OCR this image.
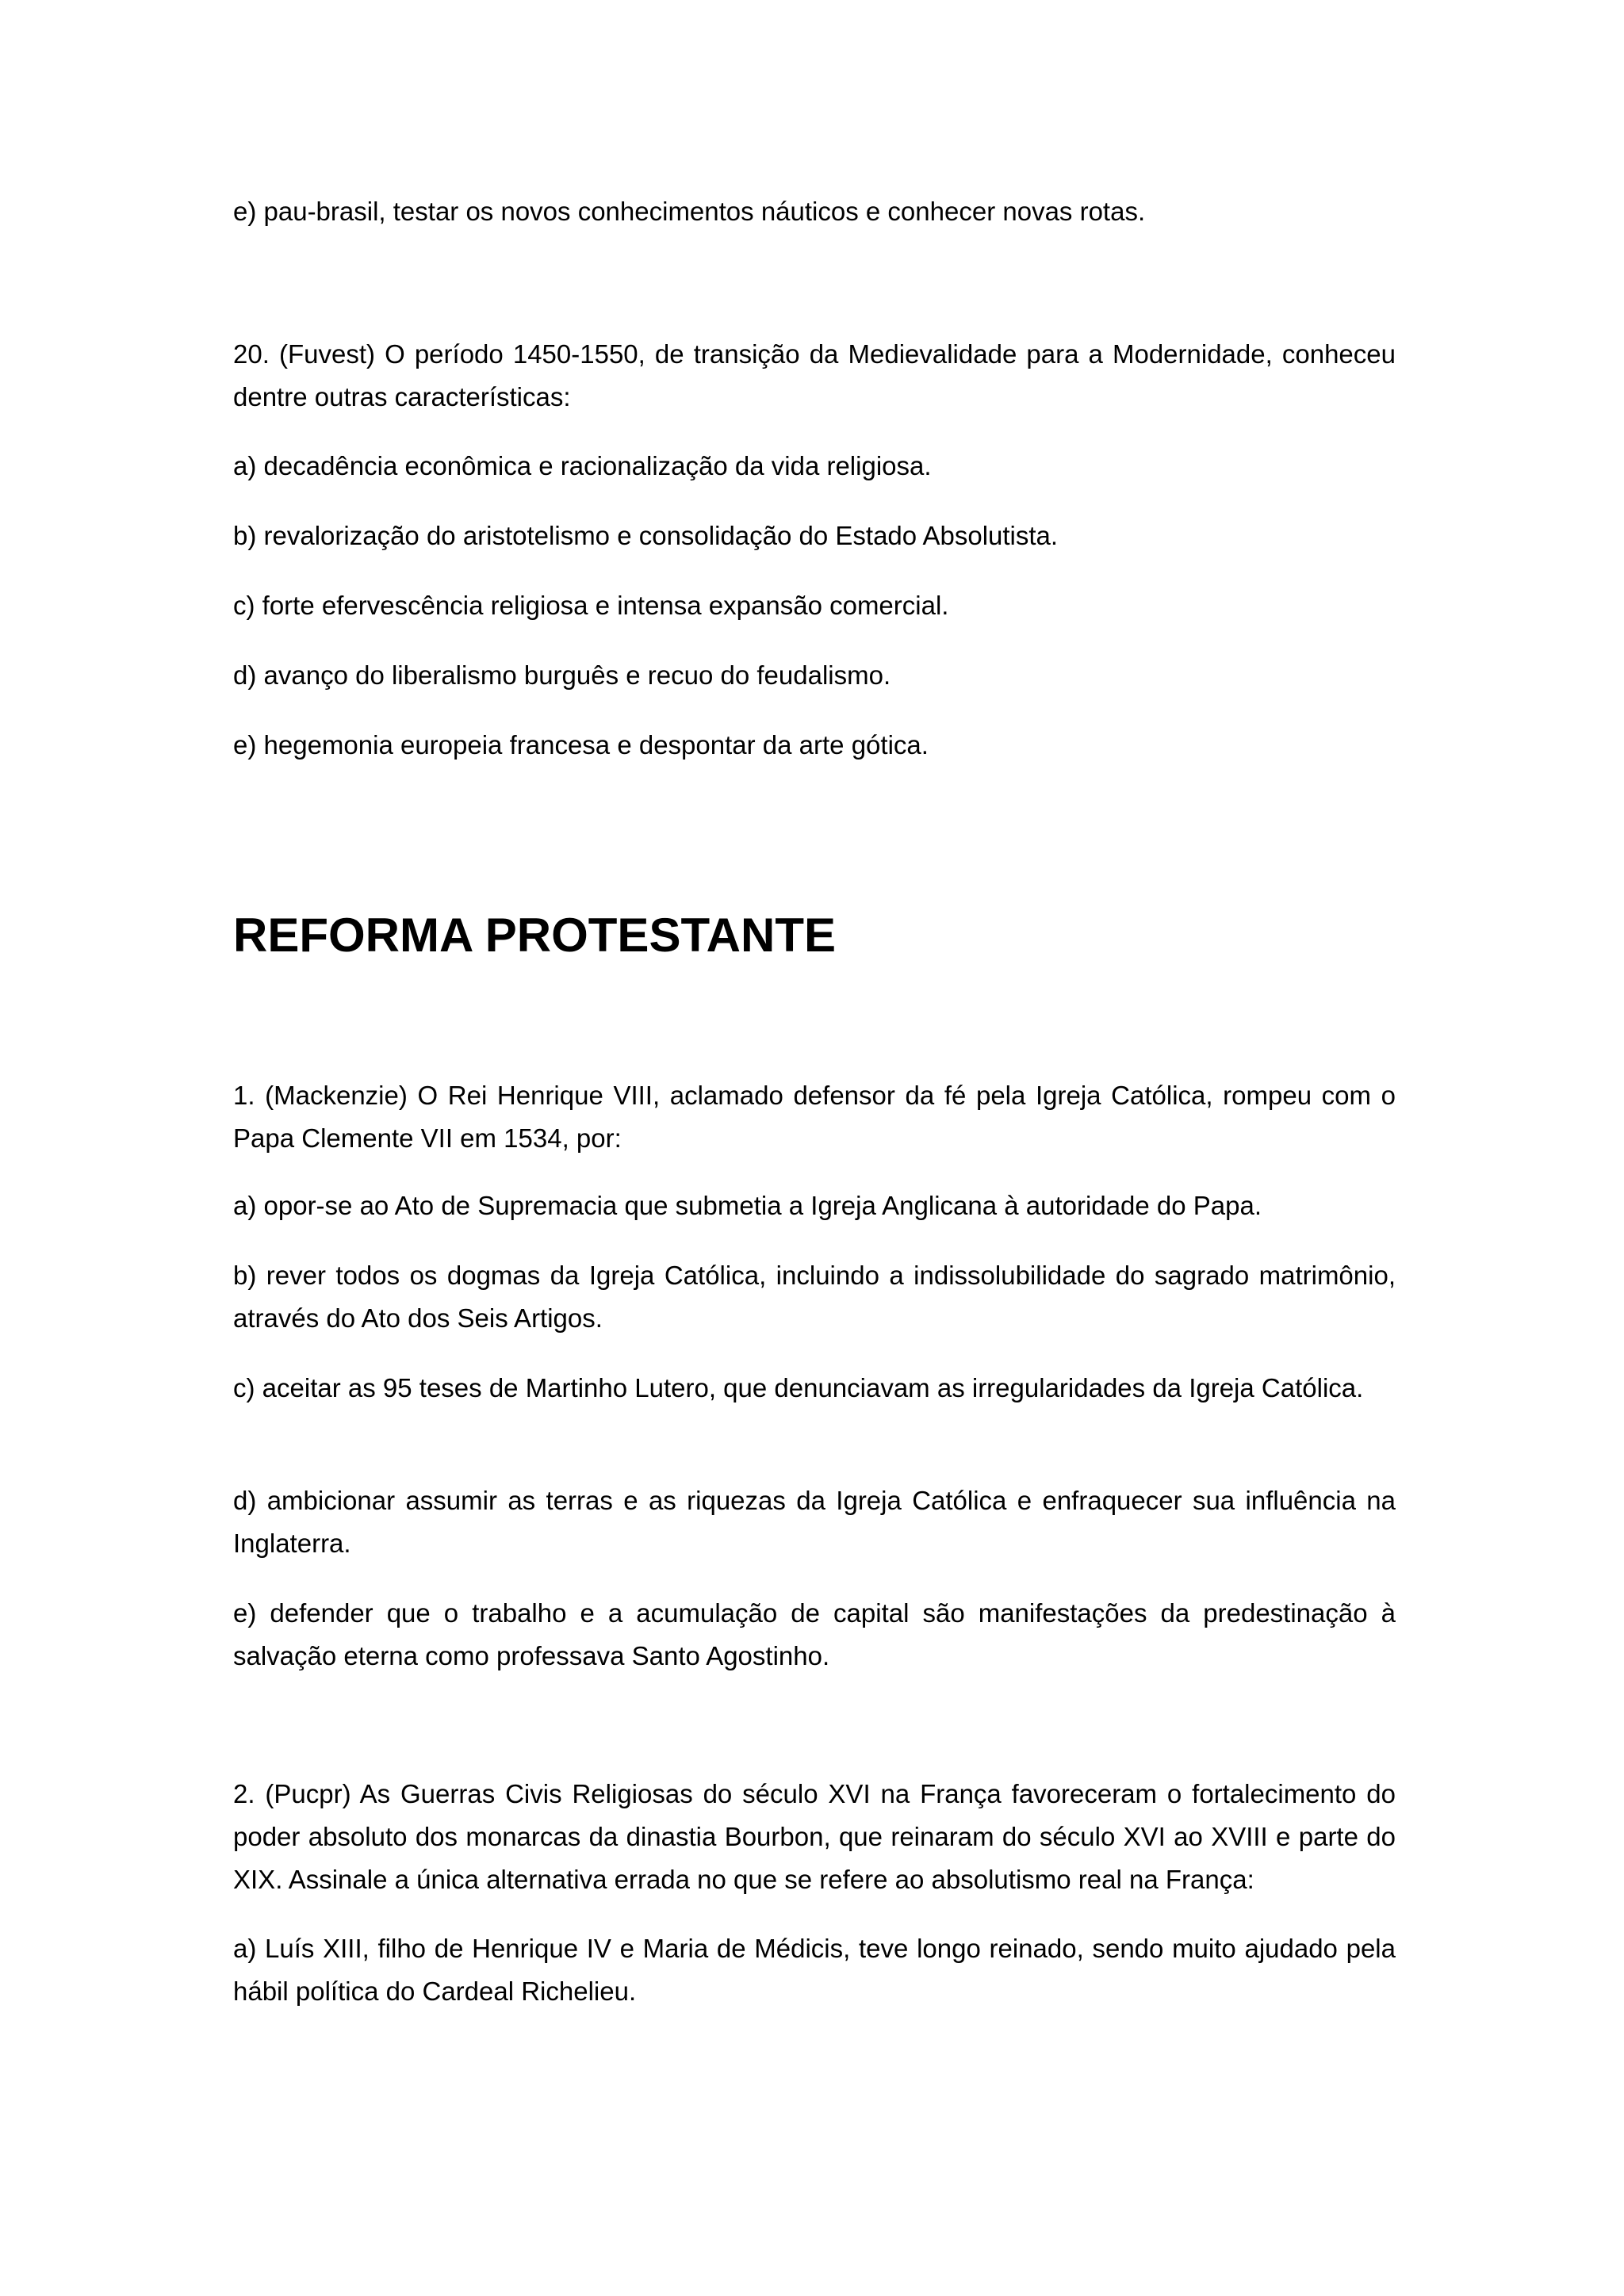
e) pau-brasil, testar os novos conhecimentos náuticos e conhecer novas rotas.

20. (Fuvest) O período 1450-1550, de transição da Medievalidade para a Modernidade, conheceu dentre outras características:

a) decadência econômica e racionalização da vida religiosa.

b) revalorização do aristotelismo e consolidação do Estado Absolutista.

c) forte efervescência religiosa e intensa expansão comercial.

d) avanço do liberalismo burguês e recuo do feudalismo.

e) hegemonia europeia francesa e despontar da arte gótica.

REFORMA PROTESTANTE

1. (Mackenzie) O Rei Henrique VIII, aclamado defensor da fé pela Igreja Católica, rompeu com o Papa Clemente VII em 1534, por:

a) opor-se ao Ato de Supremacia que submetia a Igreja Anglicana à autoridade do Papa.

b) rever todos os dogmas da Igreja Católica, incluindo a indissolubilidade do sagrado matrimônio, através do Ato dos Seis Artigos.

c) aceitar as 95 teses de Martinho Lutero, que denunciavam as irregularidades da Igreja Católica.

d) ambicionar assumir as terras e as riquezas da Igreja Católica e enfraquecer sua influência na Inglaterra.

e) defender que o trabalho e a acumulação de capital são manifestações da predestinação à salvação eterna como professava Santo Agostinho.

2. (Pucpr) As Guerras Civis Religiosas do século XVI na França favoreceram o fortalecimento do poder absoluto dos monarcas da dinastia Bourbon, que reinaram do século XVI ao XVIII e parte do XIX. Assinale a única alternativa errada no que se refere ao absolutismo real na França:

a) Luís XIII, filho de Henrique IV e Maria de Médicis, teve longo reinado, sendo muito ajudado pela hábil política do Cardeal Richelieu.
